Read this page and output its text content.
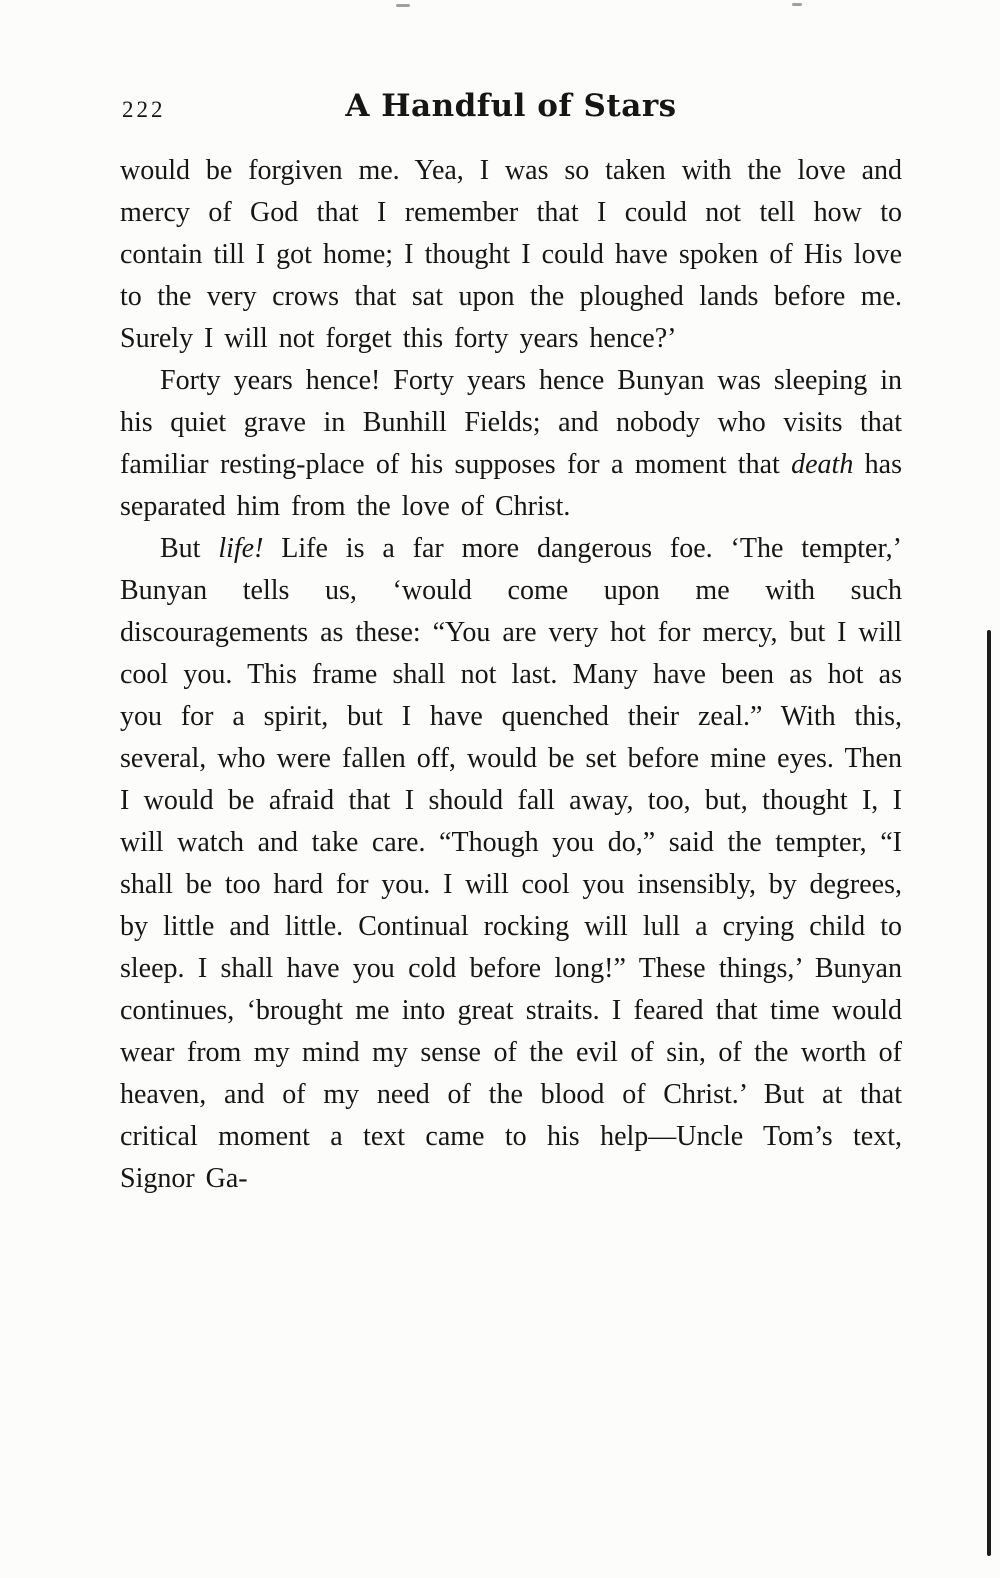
222	A Handful of Stars

would be forgiven me. Yea, I was so taken with the love and mercy of God that I remember that I could not tell how to contain till I got home; I thought I could have spoken of His love to the very crows that sat upon the ploughed lands before me. Surely I will not forget this forty years hence?’

Forty years hence! Forty years hence Bunyan was sleeping in his quiet grave in Bunhill Fields; and nobody who visits that familiar resting-place of his supposes for a moment that death has separated him from the love of Christ.

But life! Life is a far more dangerous foe. ‘The tempter,’ Bunyan tells us, ‘would come upon me with such discouragements as these: “You are very hot for mercy, but I will cool you. This frame shall not last. Many have been as hot as you for a spirit, but I have quenched their zeal.” With this, several, who were fallen off, would be set before mine eyes. Then I would be afraid that I should fall away, too, but, thought I, I will watch and take care. “Though you do,” said the tempter, “I shall be too hard for you. I will cool you insensibly, by degrees, by little and little. Continual rocking will lull a crying child to sleep. I shall have you cold before long!” These things,’ Bunyan continues, ‘brought me into great straits. I feared that time would wear from my mind my sense of the evil of sin, of the worth of heaven, and of my need of the blood of Christ.’ But at that critical moment a text came to his help—Uncle Tom’s text, Signor Ga-
